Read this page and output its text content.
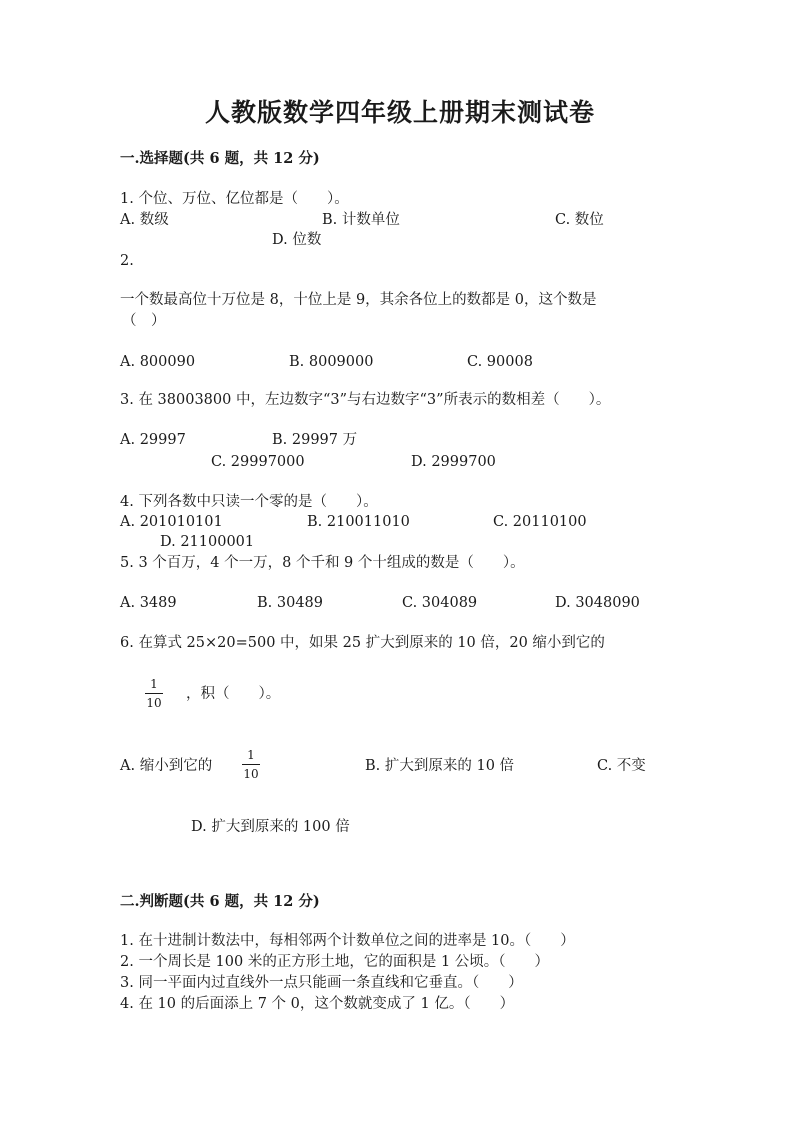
人教版数学四年级上册期末测试卷
一.选择题(共 6 题，共 12 分)
1. 个位、万位、亿位都是（　　）。
A. 数级	B. 计数单位	C. 数位
D. 位数
2.
一个数最高位十万位是 8，十位上是 9，其余各位上的数都是 0，这个数是
（　）
A. 800090	B. 8009000	C. 90008
3. 在 38003800 中，左边数字“3”与右边数字“3”所表示的数相差（　　）。
A. 29997	B. 29997 万
C. 29997000	D. 2999700
4. 下列各数中只读一个零的是（　　）。
A. 201010101	B. 210011010	C. 20110100
D. 21100001
5. 3 个百万，4 个一万，8 个千和 9 个十组成的数是（　　）。
A. 3489	B. 30489	C. 304089	D. 3048090
6. 在算式 25×20=500 中，如果 25 扩大到原来的 10 倍，20 缩小到它的
1
10
，积（　　）。
A. 缩小到它的
1
10	B. 扩大到原来的 10 倍	C. 不变
D. 扩大到原来的 100 倍
二.判断题(共 6 题，共 12 分)
1. 在十进制计数法中，每相邻两个计数单位之间的进率是 10。（　　）
2. 一个周长是 100 米的正方形土地，它的面积是 1 公顷。（　　）
3. 同一平面内过直线外一点只能画一条直线和它垂直。（　　）
4. 在 10 的后面添上 7 个 0，这个数就变成了 1 亿。（　　）
